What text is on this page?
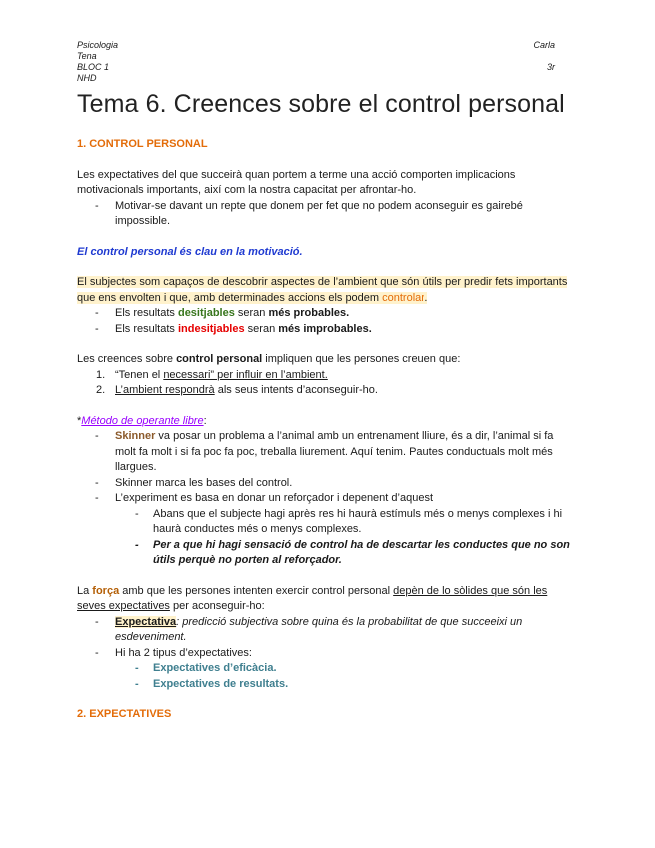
Psicologia
Tena
BLOC 1
NHD
Carla
3r
Tema 6. Creences sobre el control personal

1. CONTROL PERSONAL

Les expectatives del que succeirà quan portem a terme una acció comporten implicacions motivacionals importants, així com la nostra capacitat per afrontar-ho.

- Motivar-se davant un repte que donem per fet que no podem aconseguir es gairebé impossible.

El control personal és clau en la motivació.

El subjectes som capaços de descobrir aspectes de l’ambient que són útils per predir fets importants que ens envolten i que, amb determinades accions els podem controlar.

- Els resultats desitjables seran més probables.
- Els resultats indesitjables seran més improbables.

Les creences sobre control personal impliquen que les persones creuen que:

1. “Tenen el necessari” per influir en l’ambient.
2. L’ambient respondrà als seus intents d’aconseguir-ho.

*Método de operante libre:

- Skinner va posar un problema a l’animal amb un entrenament lliure, és a dir, l’animal si fa molt fa molt i si fa poc fa poc, treballa liurement. Aquí tenim. Pautes conductuals molt més llargues.
- Skinner marca les bases del control.
- L’experiment es basa en donar un reforçador i depenent d’aquest
- Abans que el subjecte hagi après res hi haurà estímuls més o menys complexes i hi haurà conductes més o menys complexes.
- Per a que hi hagi sensació de control ha de descartar les conductes que no son útils perquè no porten al reforçador.

La força amb que les persones intenten exercir control personal depèn de lo sòlides que són les seves expectatives per aconseguir-ho:

- Expectativa: predicció subjectiva sobre quina és la probabilitat de que succeeixi un esdeveniment.
- Hi ha 2 tipus d’expectatives:
- Expectatives d’eficàcia.
- Expectatives de resultats.

2. EXPECTATIVES
